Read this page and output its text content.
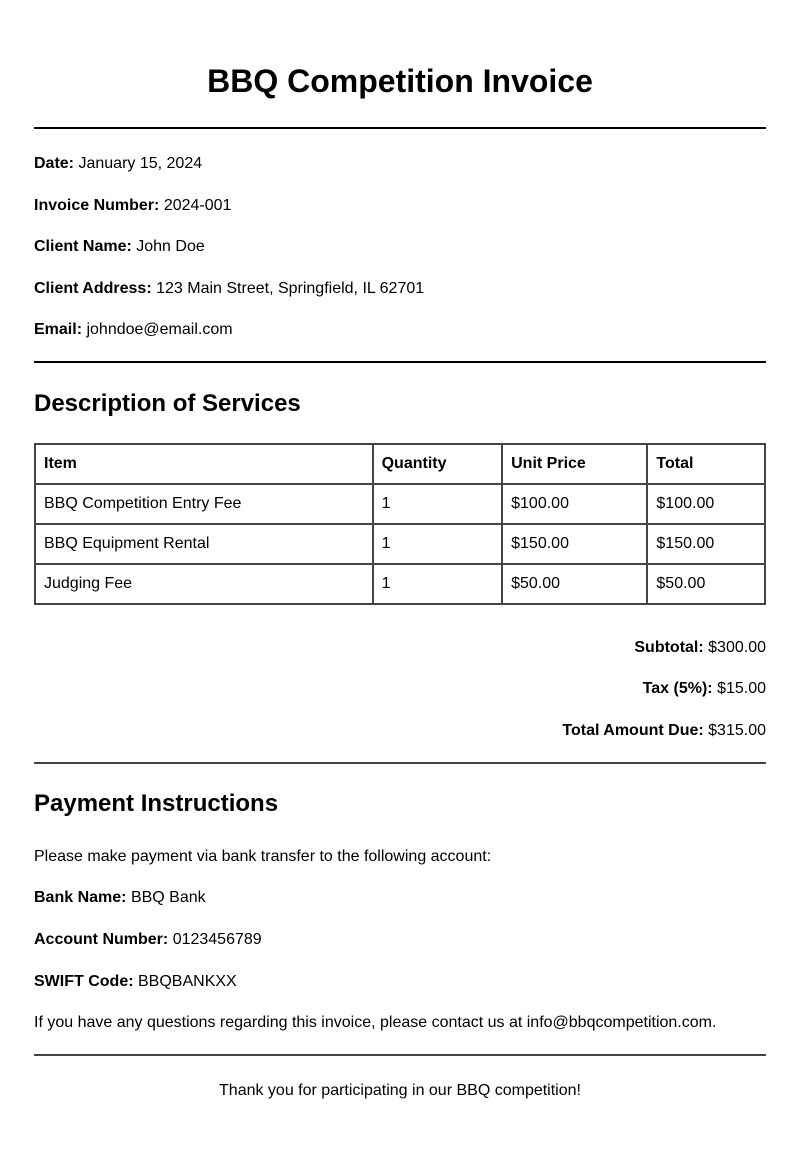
BBQ Competition Invoice
Date: January 15, 2024
Invoice Number: 2024-001
Client Name: John Doe
Client Address: 123 Main Street, Springfield, IL 62701
Email: johndoe@email.com
Description of Services
Item	Quantity	Unit Price	Total
BBQ Competition Entry Fee	1	$100.00	$100.00
BBQ Equipment Rental	1	$150.00	$150.00
Judging Fee	1	$50.00	$50.00
Subtotal: $300.00
Tax (5%): $15.00
Total Amount Due: $315.00
Payment Instructions
Please make payment via bank transfer to the following account:
Bank Name: BBQ Bank
Account Number: 0123456789
SWIFT Code: BBQBANKXX
If you have any questions regarding this invoice, please contact us at info@bbqcompetition.com.
Thank you for participating in our BBQ competition!
